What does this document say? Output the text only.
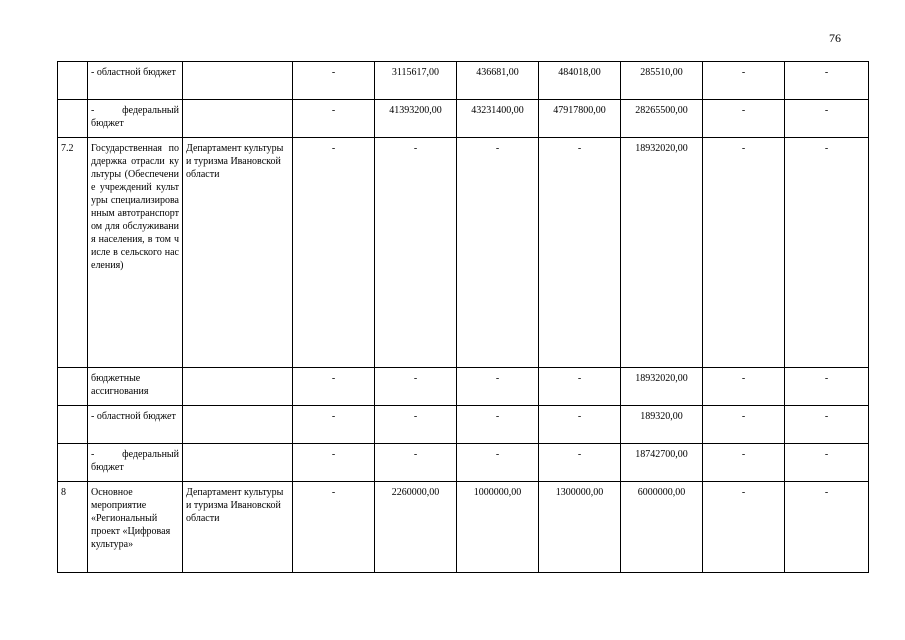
76
	- областной бюджет		-	3115617,00	436681,00	484018,00	285510,00	-	-
	- федеральный бюджет		-	41393200,00	43231400,00	47917800,00	28265500,00	-	-
7.2	Государственная поддержка отрасли культуры (Обеспечение учреждений культуры специализированным автотранспортом для обслуживания населения, в том числе в сельского населения)	Департамент культуры и туризма Ивановской области	-	-	-	-	18932020,00	-	-
	бюджетные ассигнования		-	-	-	-	18932020,00	-	-
	- областной бюджет		-	-	-	-	189320,00	-	-
	- федеральный бюджет		-	-	-	-	18742700,00	-	-
8	Основное мероприятие «Региональный проект «Цифровая культура»	Департамент культуры и туризма Ивановской области	-	2260000,00	1000000,00	1300000,00	6000000,00	-	-
